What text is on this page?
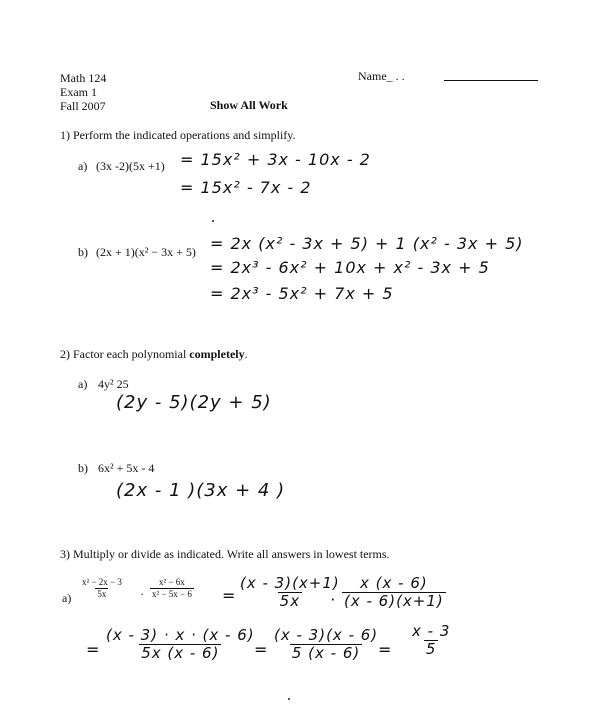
Math 124
Exam 1
Fall 2007
Name_ . .
Show All Work
1) Perform the indicated operations and simplify.
a) (3x -2)(5x +1) = 15x² + 3x - 10x - 2
= 15x² - 7x - 2
b) (2x + 1)(x² − 3x + 5) = 2x (x² - 3x + 5) + 1 (x² - 3x + 5)
= 2x³ - 6x² + 10x + x² - 3x + 5
= 2x³ - 5x² + 7x + 5
2) Factor each polynomial completely.
a) 4y² 25
(2y - 5)(2y + 5)
b) 6x² + 5x - 4
(2x - 1 )(3x + 4 )
3) Multiply or divide as indicated. Write all answers in lowest terms.
$a) \frac{\text{x² − 2x − 3}}{5x} \cdot \frac{\text{x² − 6x}}{\text{x² − 5x − 6}} = \frac{(x - 3)(x+1)}{5x}$
· $\frac{x (x - 6)}{(x - 6)(x+1)}$
= $\frac{(x - 3) \cdot x \cdot (x - 6)}{5x (x - 6)}$
= $\frac{(x - 3)(x - 6)}{5 (x - 6)}$
= $\frac{x - 3}{5}$
